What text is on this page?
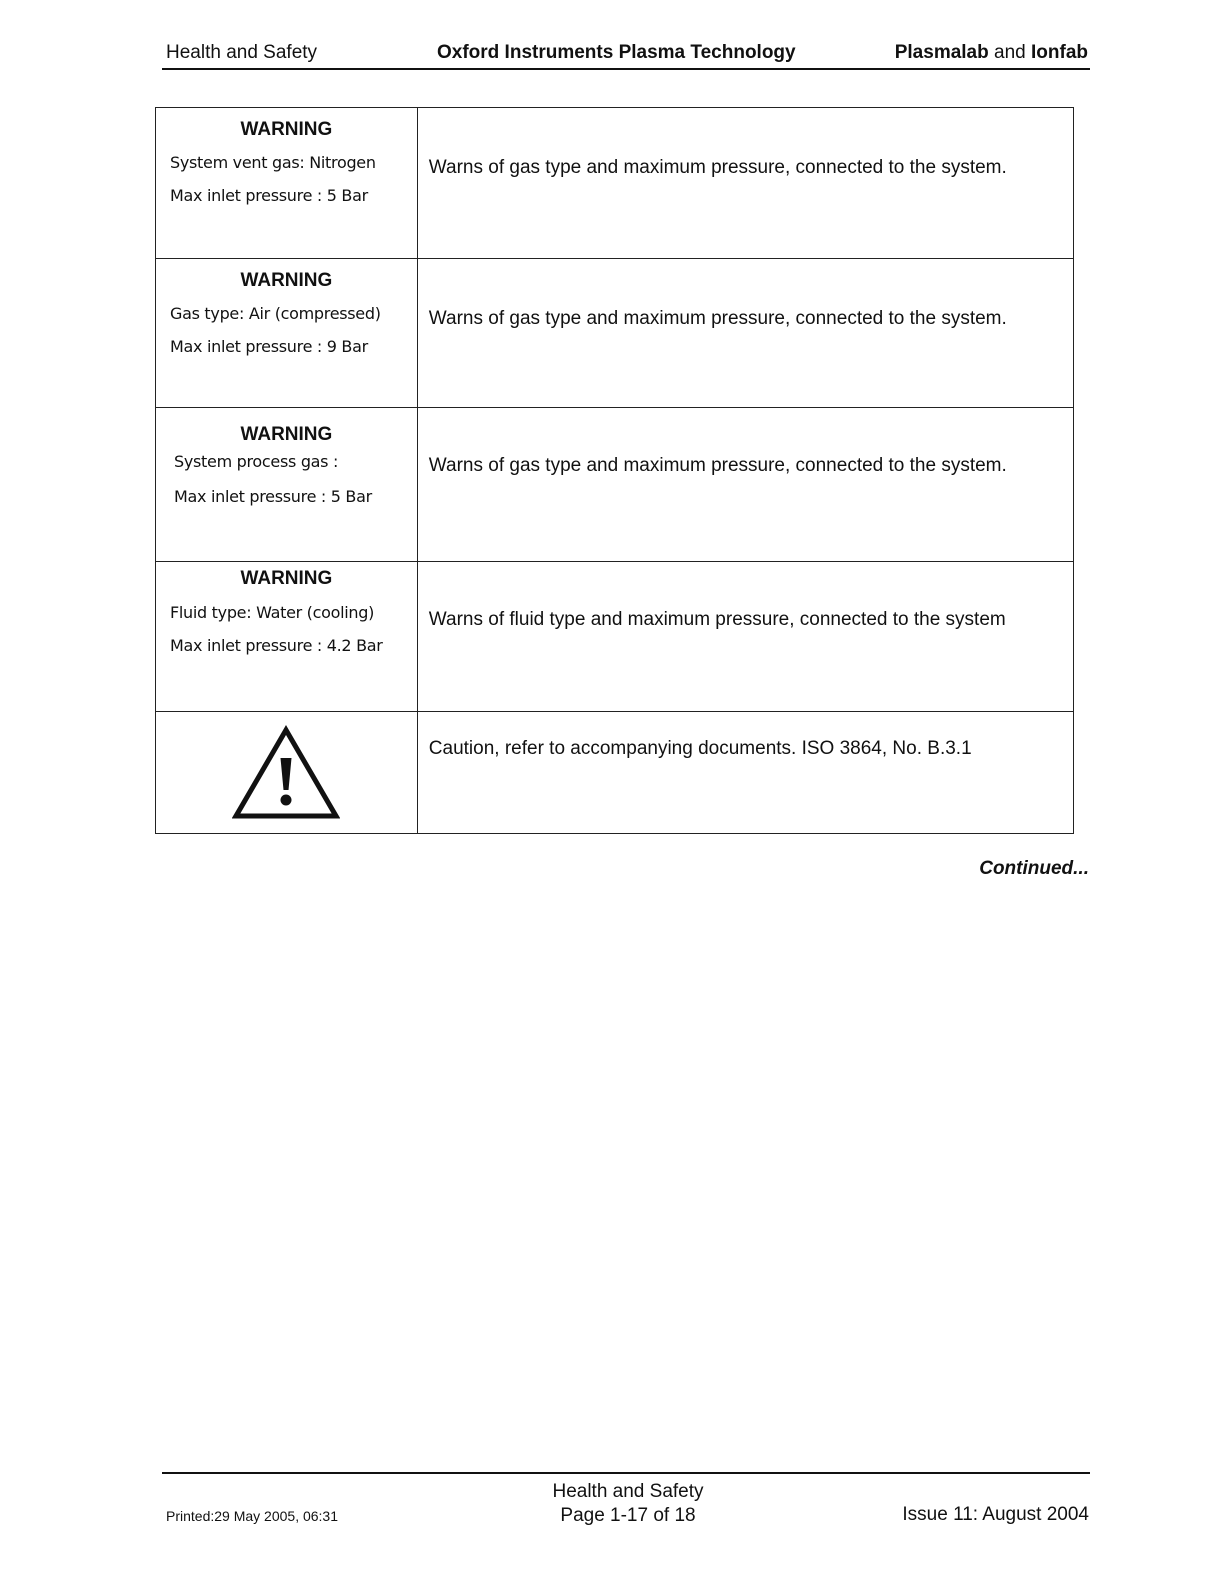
Health and Safety	Oxford Instruments Plasma Technology	Plasmalab and Ionfab
WARNING
System vent gas: Nitrogen
Max inlet pressure : 5 Bar	Warns of gas type and maximum pressure, connected to the system.

WARNING
Gas type: Air (compressed)
Max inlet pressure : 9 Bar	Warns of gas type and maximum pressure, connected to the system.

WARNING
System process gas :
Max inlet pressure : 5 Bar	Warns of gas type and maximum pressure, connected to the system.

WARNING
Fluid type: Water (cooling)
Max inlet pressure : 4.2 Bar	Warns of fluid type and maximum pressure, connected to the system

Caution, refer to accompanying documents. ISO 3864, No. B.3.1
Continued...
Printed:29 May 2005, 06:31
Health and Safety
Page 1-17 of 18	Issue 11: August 2004
